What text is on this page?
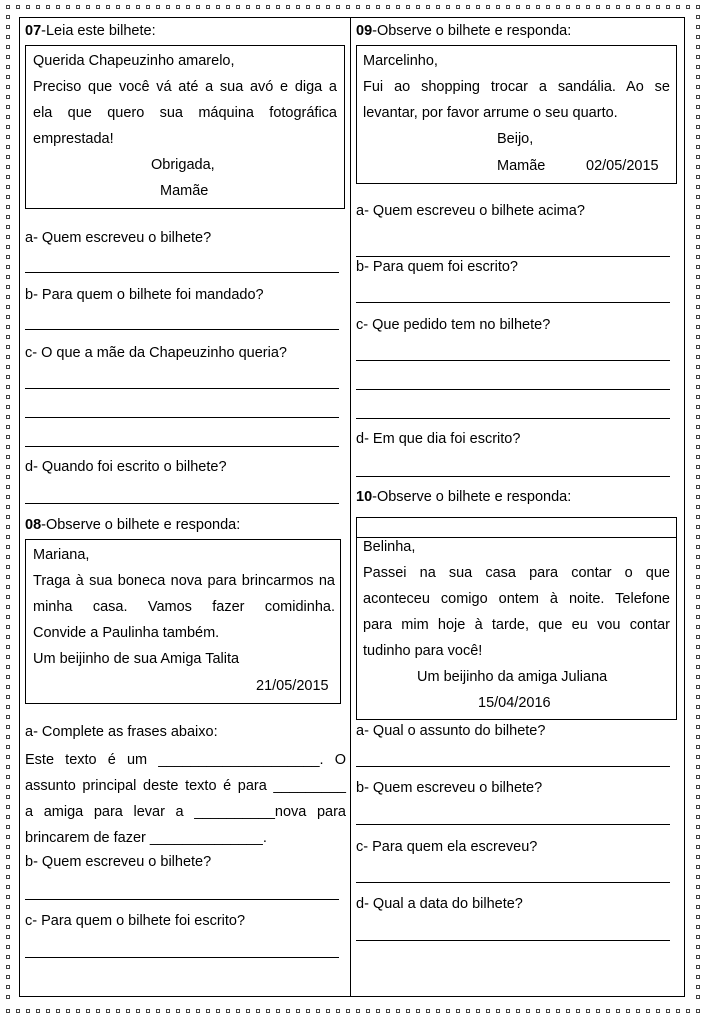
07-Leia este bilhete:
Querida Chapeuzinho amarelo,
Preciso que você vá até a sua avó e diga a
ela que quero sua máquina fotográfica
emprestada!
Obrigada,
Mamãe
a- Quem escreveu o bilhete?
b- Para quem o bilhete foi mandado?
c- O que a mãe da Chapeuzinho queria?
d- Quando foi escrito o bilhete?
08-Observe o bilhete e responda:
Mariana,
Traga à sua boneca nova para brincarmos na
minha casa. Vamos fazer comidinha.
Convide a Paulinha também.
Um beijinho de sua Amiga Talita
21/05/2015
a- Complete as frases abaixo:
Este texto é um ____________________. O
assunto principal deste texto é para _________
a amiga para levar a __________nova para
brincarem de fazer ______________.
b- Quem escreveu o bilhete?
c- Para quem o bilhete foi escrito?
09-Observe o bilhete e responda:
Marcelinho,
Fui ao shopping trocar a sandália. Ao se
levantar, por favor arrume o seu quarto.
Beijo,
Mamãe	02/05/2015
a- Quem escreveu o bilhete acima?
b- Para quem foi escrito?
c- Que pedido tem no bilhete?
d- Em que dia foi escrito?
10-Observe o bilhete e responda:
Belinha,
Passei na sua casa para contar o que
aconteceu comigo ontem à noite. Telefone
para mim hoje à tarde, que eu vou contar
tudinho para você!
Um beijinho da amiga Juliana
15/04/2016
a- Qual o assunto do bilhete?
b- Quem escreveu o bilhete?
c- Para quem ela escreveu?
d- Qual a data do bilhete?
